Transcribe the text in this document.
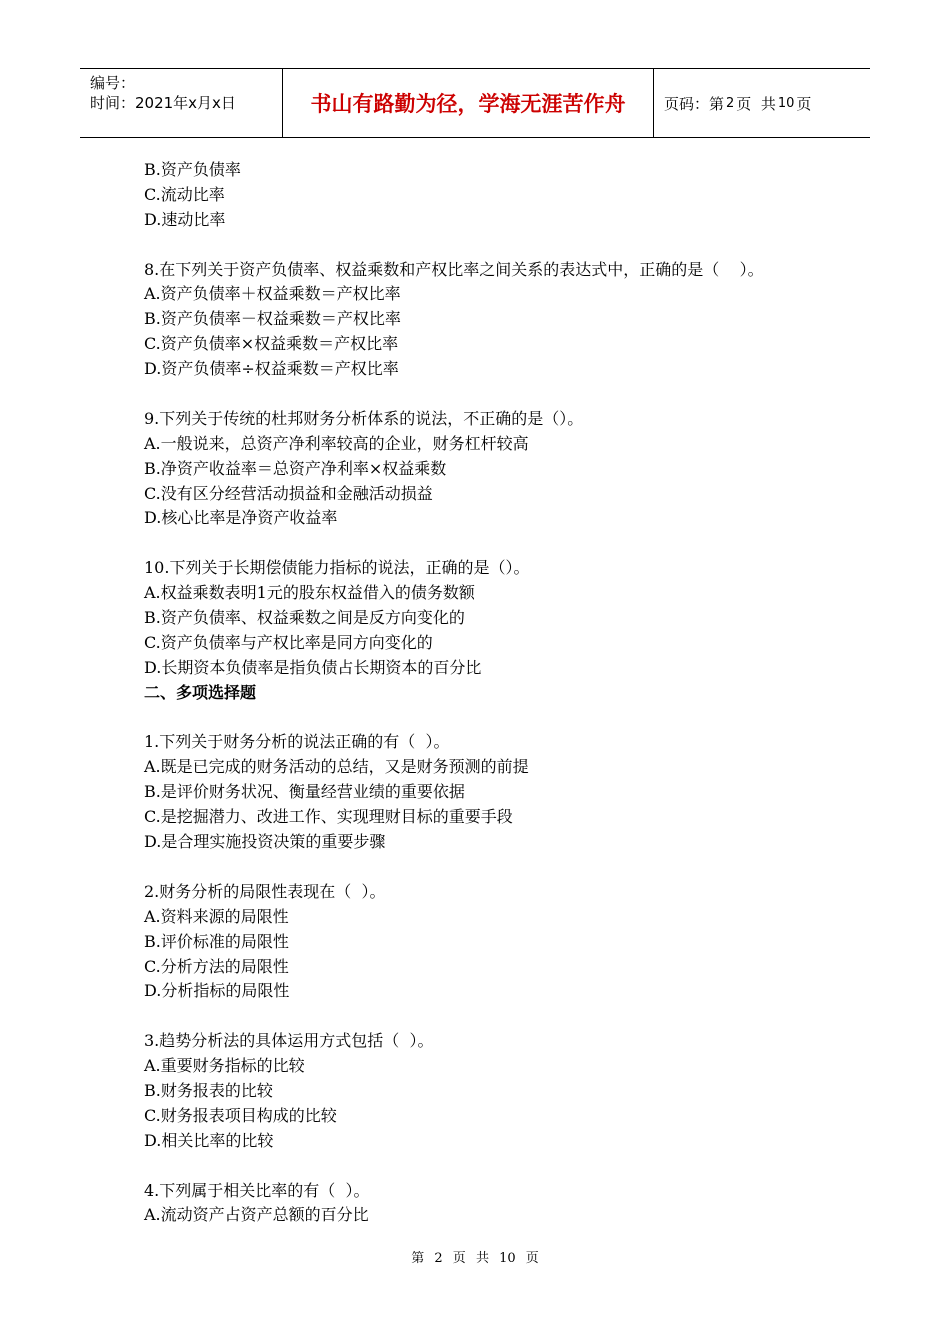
编号：
时间：2021年x月x日	书山有路勤为径，学海无涯苦作舟	页码：第 2 页  共 10 页
B.资产负债率
C.流动比率
D.速动比率
8.在下列关于资产负债率、权益乘数和产权比率之间关系的表达式中，正确的是（    ）。
A.资产负债率＋权益乘数＝产权比率
B.资产负债率－权益乘数＝产权比率
C.资产负债率×权益乘数＝产权比率
D.资产负债率÷权益乘数＝产权比率
9.下列关于传统的杜邦财务分析体系的说法，不正确的是（）。
A.一般说来，总资产净利率较高的企业，财务杠杆较高
B.净资产收益率＝总资产净利率×权益乘数
C.没有区分经营活动损益和金融活动损益
D.核心比率是净资产收益率
10.下列关于长期偿债能力指标的说法，正确的是（）。
A.权益乘数表明1元的股东权益借入的债务数额
B.资产负债率、权益乘数之间是反方向变化的
C.资产负债率与产权比率是同方向变化的
D.长期资本负债率是指负债占长期资本的百分比
二、多项选择题
1.下列关于财务分析的说法正确的有（  ）。
A.既是已完成的财务活动的总结，又是财务预测的前提
B.是评价财务状况、衡量经营业绩的重要依据
C.是挖掘潜力、改进工作、实现理财目标的重要手段
D.是合理实施投资决策的重要步骤
2.财务分析的局限性表现在（  ）。
A.资料来源的局限性
B.评价标准的局限性
C.分析方法的局限性
D.分析指标的局限性
3.趋势分析法的具体运用方式包括（  ）。
A.重要财务指标的比较
B.财务报表的比较
C.财务报表项目构成的比较
D.相关比率的比较
4.下列属于相关比率的有（  ）。
A.流动资产占资产总额的百分比
第 2 页 共 10 页
